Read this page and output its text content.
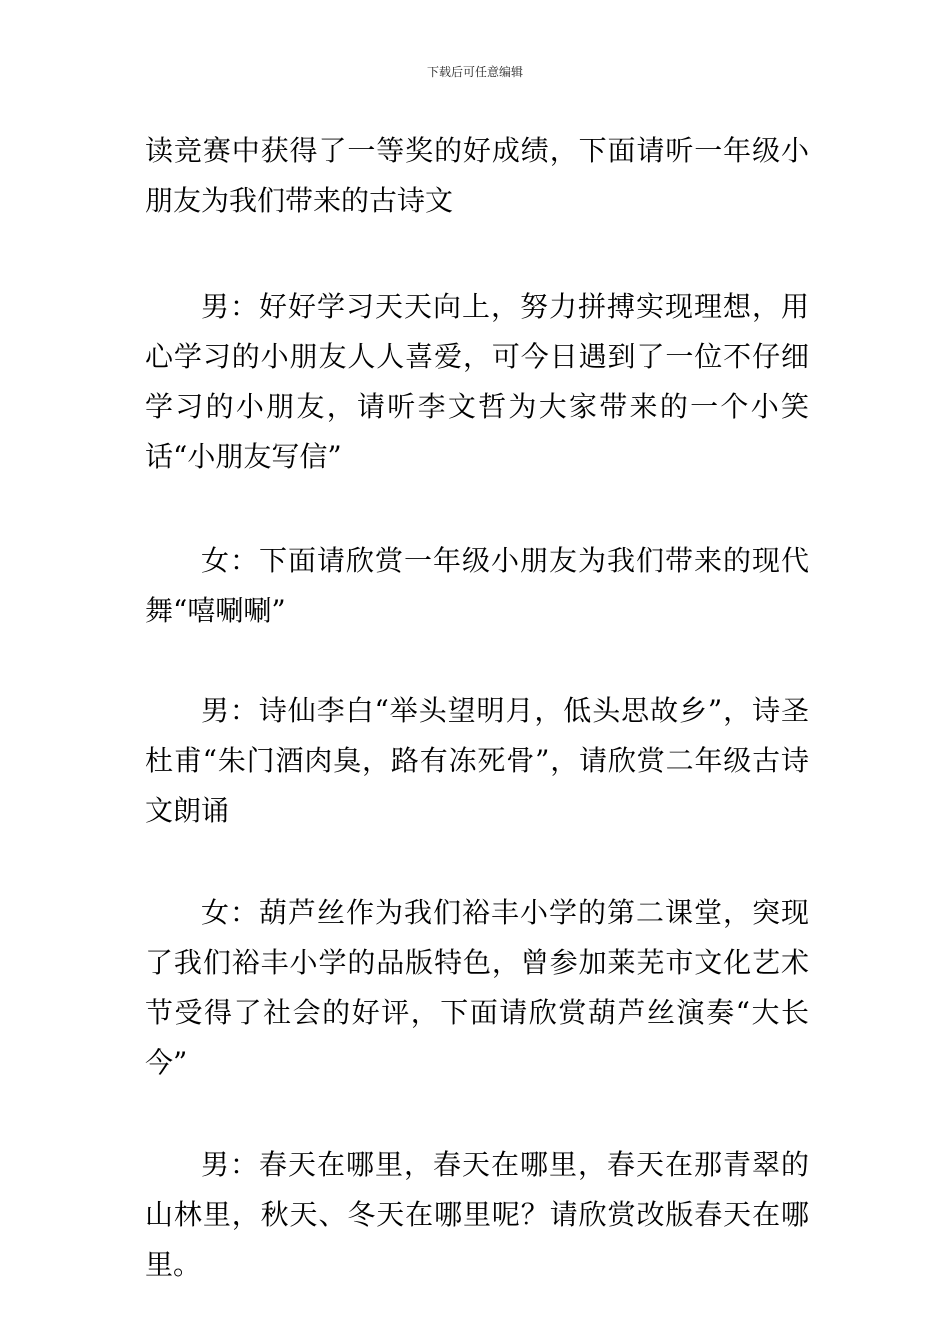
下载后可任意编辑

读竞赛中获得了一等奖的好成绩，下面请听一年级小朋友为我们带来的古诗文

男：好好学习天天向上，努力拼搏实现理想，用心学习的小朋友人人喜爱，可今日遇到了一位不仔细学习的小朋友，请听李文哲为大家带来的一个小笑话“小朋友写信”

女：下面请欣赏一年级小朋友为我们带来的现代舞“嘻唰唰”

男：诗仙李白“举头望明月，低头思故乡”，诗圣杜甫“朱门酒肉臭，路有冻死骨”，请欣赏二年级古诗文朗诵

女：葫芦丝作为我们裕丰小学的第二课堂，突现了我们裕丰小学的品版特色，曾参加莱芜市文化艺术节受得了社会的好评，下面请欣赏葫芦丝演奏“大长今”

男：春天在哪里，春天在哪里，春天在那青翠的山林里，秋天、冬天在哪里呢？请欣赏改版春天在哪里。
